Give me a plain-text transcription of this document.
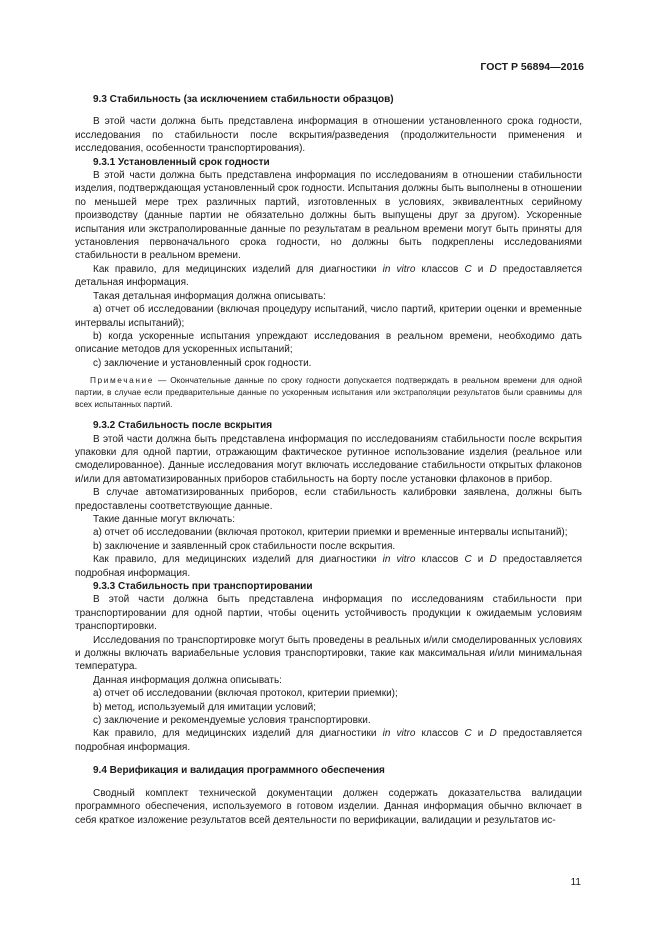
ГОСТ Р 56894—2016

9.3 Стабильность (за исключением стабильности образцов)

В этой части должна быть представлена информация в отношении установленного срока годности, исследования по стабильности после вскрытия/разведения (продолжительности применения и исследования, особенности транспортирования).

9.3.1 Установленный срок годности

В этой части должна быть представлена информация по исследованиям в отношении стабильности изделия, подтверждающая установленный срок годности. Испытания должны быть выполнены в отношении по меньшей мере трех различных партий, изготовленных в условиях, эквивалентных серийному производству (данные партии не обязательно должны быть выпущены друг за другом). Ускоренные испытания или экстраполированные данные по результатам в реальном времени могут быть приняты для установления первоначального срока годности, но должны быть подкреплены исследованиями стабильности в реальном времени.

Как правило, для медицинских изделий для диагностики in vitro классов C и D предоставляется детальная информация.

Такая детальная информация должна описывать:

a) отчет об исследовании (включая процедуру испытаний, число партий, критерии оценки и временные интервалы испытаний);

b) когда ускоренные испытания упреждают исследования в реальном времени, необходимо дать описание методов для ускоренных испытаний;

c) заключение и установленный срок годности.

Примечание — Окончательные данные по сроку годности допускается подтверждать в реальном времени для одной партии, в случае если предварительные данные по ускоренным испытания или экстраполяции результатов были сравнимы для всех испытанных партий.

9.3.2 Стабильность после вскрытия

В этой части должна быть представлена информация по исследованиям стабильности после вскрытия упаковки для одной партии, отражающим фактическое рутинное использование изделия (реальное или смоделированное). Данные исследования могут включать исследование стабильности открытых флаконов и/или для автоматизированных приборов стабильность на борту после установки флаконов в прибор.

В случае автоматизированных приборов, если стабильность калибровки заявлена, должны быть предоставлены соответствующие данные.

Такие данные могут включать:

a) отчет об исследовании (включая протокол, критерии приемки и временные интервалы испытаний);

b) заключение и заявленный срок стабильности после вскрытия.

Как правило, для медицинских изделий для диагностики in vitro классов C и D предоставляется подробная информация.

9.3.3 Стабильность при транспортировании

В этой части должна быть представлена информация по исследованиям стабильности при транспортировании для одной партии, чтобы оценить устойчивость продукции к ожидаемым условиям транспортировки.

Исследования по транспортировке могут быть проведены в реальных и/или смоделированных условиях и должны включать вариабельные условия транспортировки, такие как максимальная и/или минимальная температура.

Данная информация должна описывать:

a) отчет об исследовании (включая протокол, критерии приемки);

b) метод, используемый для имитации условий;

c) заключение и рекомендуемые условия транспортировки.

Как правило, для медицинских изделий для диагностики in vitro классов C и D предоставляется подробная информация.

9.4 Верификация и валидация программного обеспечения

Сводный комплект технической документации должен содержать доказательства валидации программного обеспечения, используемого в готовом изделии. Данная информация обычно включает в себя краткое изложение результатов всей деятельности по верификации, валидации и результатов ис-

11
